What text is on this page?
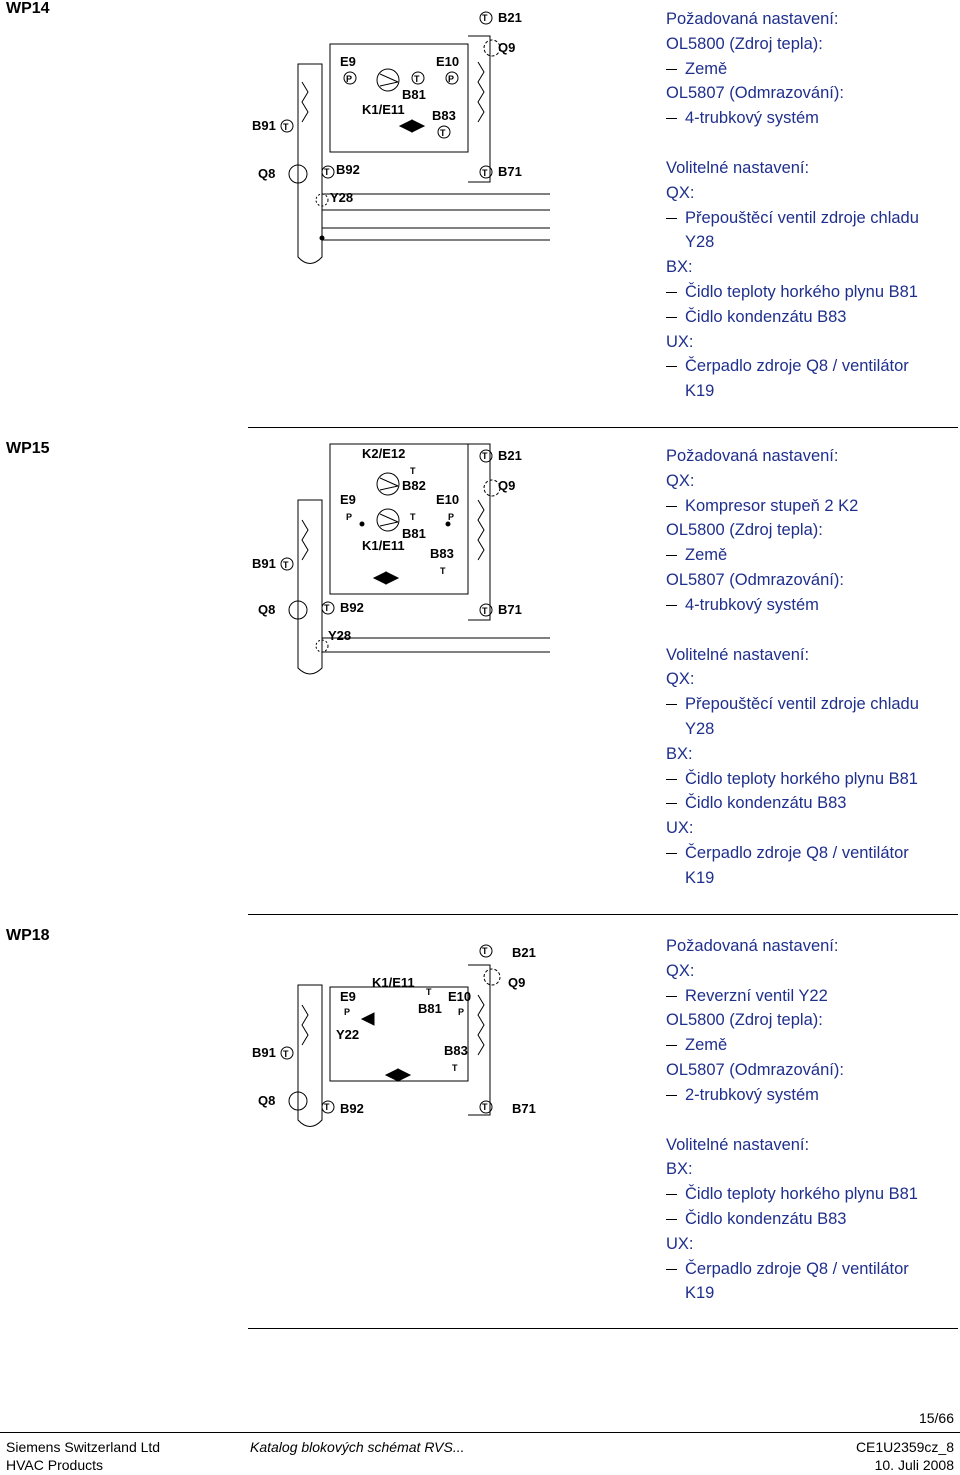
WP14
B91 T
Q8	T B92
Y28
T B21
Q9
T B71
E9
P
E10
P
T
B81
K1/E11 B83
T
Požadovaná nastavení:
OL5800 (Zdroj tepla):
Země
OL5807 (Odmrazování):
4-trubkový systém
Volitelné nastavení:
QX:
Přepouštěcí ventil zdroje chladu
Y28
BX:
Čidlo teploty horkého plynu B81
Čidlo kondenzátu B83
UX:
Čerpadlo zdroje Q8 / ventilátor
K19
WP15
B91 T
Q8	T B92
Y28
T B21
Q9
T B71
K2/E12
T
B82
E9
P
E10
P
T
B81
K1/E11
B83
T
Požadovaná nastavení:
QX:
Kompresor stupeň 2 K2
OL5800 (Zdroj tepla):
Země
OL5807 (Odmrazování):
4-trubkový systém
Volitelné nastavení:
QX:
Přepouštěcí ventil zdroje chladu
Y28
BX:
Čidlo teploty horkého plynu B81
Čidlo kondenzátu B83
UX:
Čerpadlo zdroje Q8 / ventilátor
K19
WP18
B91 T
Q8	T B92
T B21
Q9
T B71
K1/E11
T
B81
E9
P
E10
P
Y22
B83
T
Požadovaná nastavení:
QX:
Reverzní ventil Y22
OL5800 (Zdroj tepla):
Země
OL5807 (Odmrazování):
2-trubkový systém
Volitelné nastavení:
BX:
Čidlo teploty horkého plynu B81
Čidlo kondenzátu B83
UX:
Čerpadlo zdroje Q8 / ventilátor
K19
15/66
Siemens Switzerland Ltd
HVAC Products
Katalog blokových schémat RVS...	CE1U2359cz_8
10. Juli 2008
